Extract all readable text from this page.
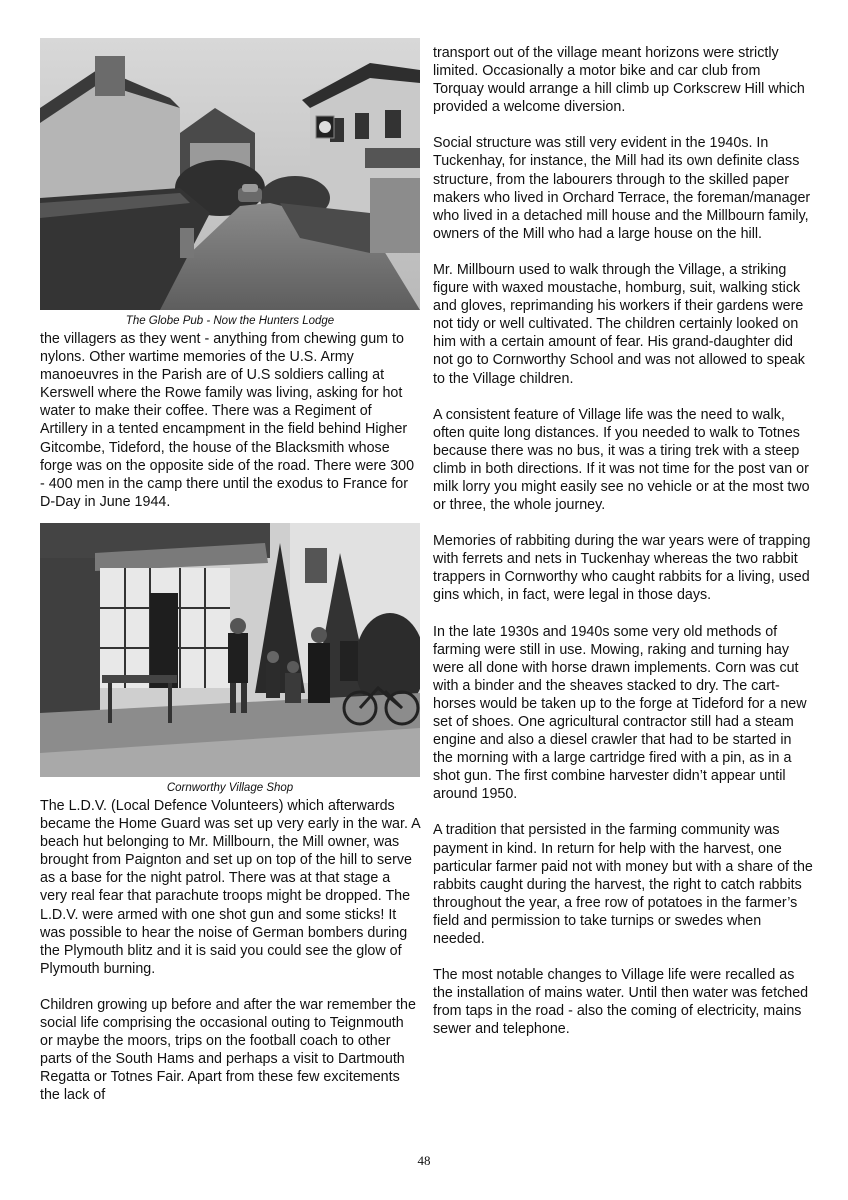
The Globe Pub - Now the Hunters Lodge

the villagers as they went - anything from chewing gum to nylons. Other wartime memories of the U.S. Army manoeuvres in the Parish are of U.S soldiers calling at Kerswell where the Rowe family was living, asking for hot water to make their coffee. There was a Regiment of Artillery in a tented encampment in the field behind Higher Gitcombe, Tideford, the house of the Blacksmith whose forge was on the opposite side of the road. There were 300 - 400 men in the camp there until the exodus to France for D-Day in June 1944.

Cornworthy Village Shop

The L.D.V. (Local Defence Volunteers) which afterwards became the Home Guard was set up very early in the war. A beach hut belonging to Mr. Millbourn, the Mill owner, was brought from Paignton and set up on top of the hill to serve as a base for the night patrol. There was at that stage a very real fear that parachute troops might be dropped. The L.D.V. were armed with one shot gun and some sticks! It was possible to hear the noise of German bombers during the Plymouth blitz and it is said you could see the glow of Plymouth burning.

Children growing up before and after the war remember the social life comprising the occasional outing to Teignmouth or maybe the moors, trips on the football coach to other parts of the South Hams and perhaps a visit to Dartmouth Regatta or Totnes Fair. Apart from these few excitements the lack of

transport out of the village meant horizons were strictly limited. Occasionally a motor bike and car club from Torquay would arrange a hill climb up Corkscrew Hill which provided a welcome diversion.

Social structure was still very evident in the 1940s. In Tuckenhay, for instance, the Mill had its own definite class structure, from the labourers through to the skilled paper makers who lived in Orchard Terrace, the foreman/manager who lived in a detached mill house and the Millbourn family, owners of the Mill who had a large house on the hill.

Mr. Millbourn used to walk through the Village, a striking figure with waxed moustache, homburg, suit, walking stick and gloves, reprimanding his workers if their gardens were not tidy or well cultivated. The children certainly looked on him with a certain amount of fear. His grand-daughter did not go to Cornworthy School and was not allowed to speak to the Village children.

A consistent feature of Village life was the need to walk, often quite long distances. If you needed to walk to Totnes because there was no bus, it was a tiring trek with a steep climb in both directions. If it was not time for the post van or milk lorry you might easily see no vehicle or at the most two or three, the whole journey.

Memories of rabbiting during the war years were of trapping with ferrets and nets in Tuckenhay whereas the two rabbit trappers in Cornworthy who caught rabbits for a living, used gins which, in fact, were legal in those days.

In the late 1930s and 1940s some very old methods of farming were still in use. Mowing, raking and turning hay were all done with horse drawn implements. Corn was cut with a binder and the sheaves stacked to dry. The cart-horses would be taken up to the forge at Tideford for a new set of shoes. One agricultural contractor still had a steam engine and also a diesel crawler that had to be started in the morning with a large cartridge fired with a pin, as in a shot gun. The first combine harvester didn’t appear until around 1950.

A tradition that persisted in the farming community was payment in kind. In return for help with the harvest, one particular farmer paid not with money but with a share of the rabbits caught during the harvest, the right to catch rabbits throughout the year, a free row of potatoes in the farmer’s field and permission to take turnips or swedes when needed.

The most notable changes to Village life were recalled as the installation of mains water. Until then water was fetched from taps in the road - also the coming of electricity, mains sewer and telephone.

48
